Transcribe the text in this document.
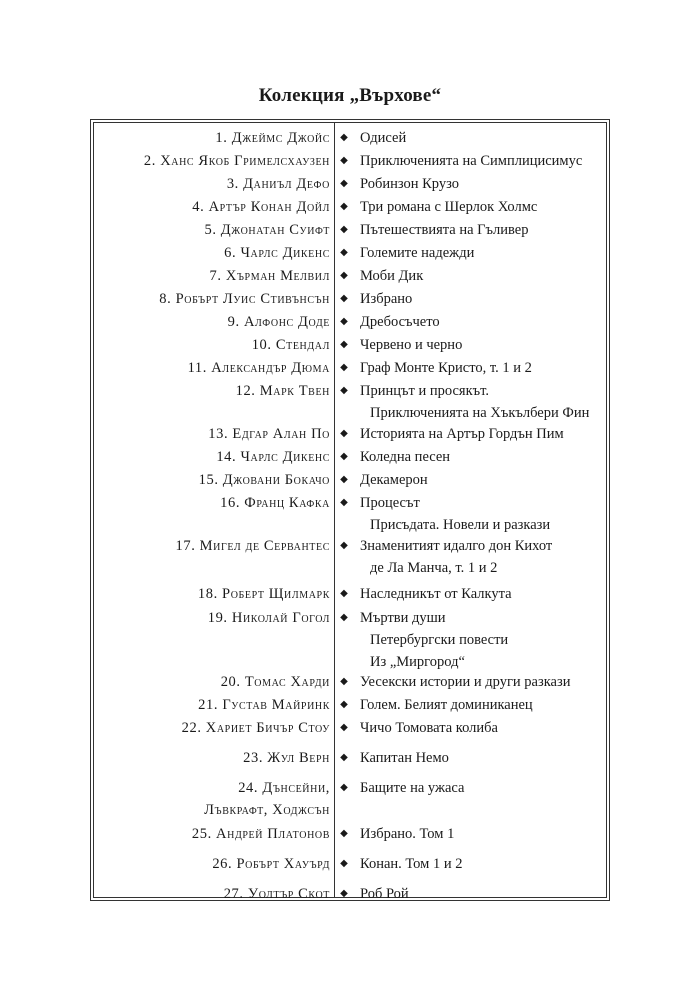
Колекция „Върхове“
1. Джеймс Джойс ◆ Одисей
2. Ханс Якоб Гримелсхаузен ◆ Приключенията на Симплицисимус
3. Даниъл Дефо ◆ Робинзон Крузо
4. Артър Конан Дойл ◆ Три романа с Шерлок Холмс
5. Джонатан Суифт ◆ Пътешествията на Гъливер
6. Чарлс Дикенс ◆ Големите надежди
7. Хърман Мелвил ◆ Моби Дик
8. Робърт Луис Стивънсън ◆ Избрано
9. Алфонс Доде ◆ Дребосъчето
10. Стендал ◆ Червено и черно
11. Александър Дюма ◆ Граф Монте Кристо, т. 1 и 2
12. Марк Твен ◆ Принцът и просякът.
Приключенията на Хъкълбери Фин
13. Едгар Алан По ◆ Историята на Артър Гордън Пим
14. Чарлс Дикенс ◆ Коледна песен
15. Джовани Бокачо ◆ Декамерон
16. Франц Кафка ◆ Процесът
Присъдата. Новели и разкази
17. Мигел де Сервантес ◆ Знаменитият идалго дон Кихот
де Ла Манча, т. 1 и 2
18. Роберт Щилмарк ◆ Наследникът от Калкута
19. Николай Гогол ◆ Мъртви души
Петербургски повести
Из „Миргород“
20. Томас Харди ◆ Уесекски истории и други разкази
21. Густав Майринк ◆ Голем. Белият доминиканец
22. Хариет Бичър Стоу ◆ Чичо Томовата колиба
23. Жул Верн ◆ Капитан Немо
24. Дънсейни,
Лъвкрафт, Ходжсън
◆ Бащите на ужаса
25. Андрей Платонов ◆ Избрано. Том 1
26. Робърт Хауърд ◆ Конан. Том 1 и 2
27. Уолтър Скот ◆ Роб Рой
